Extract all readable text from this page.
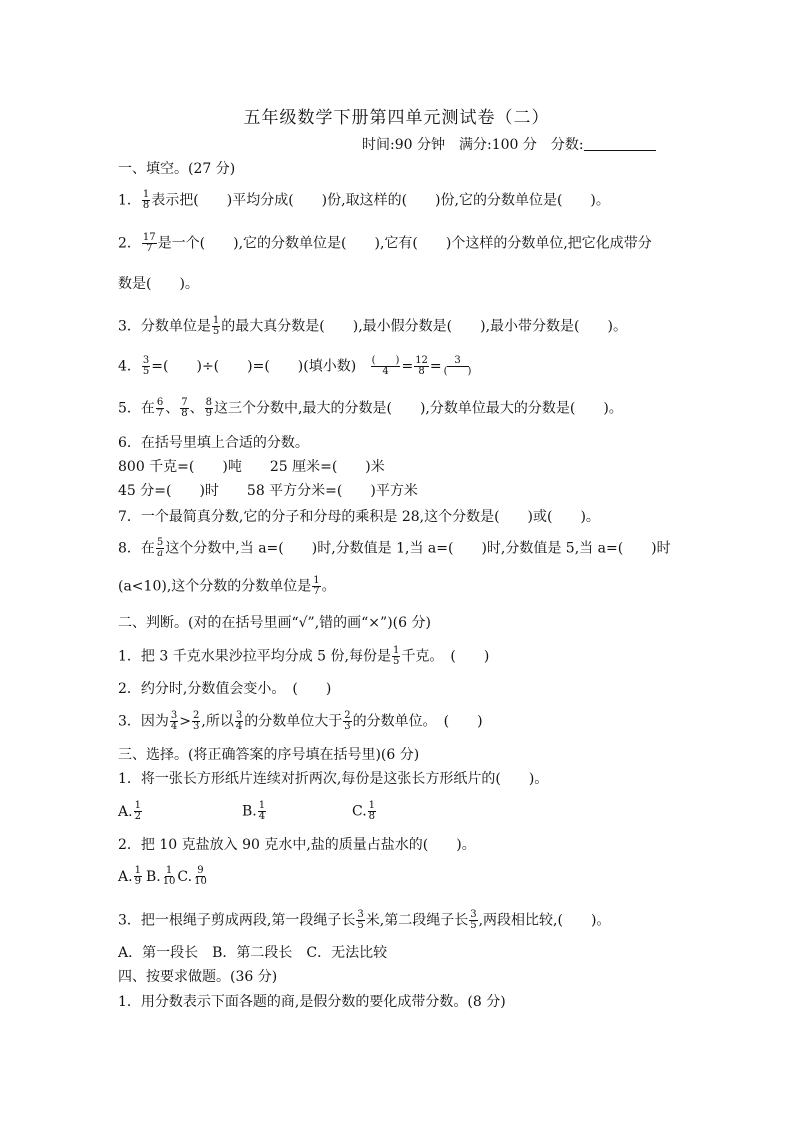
五年级数学下册第四单元测试卷（二）
时间:90 分钟　满分:100 分　分数:
一、填空。(27 分)
1． $\frac{1}{8}$ 表示把(　　)平均分成(　　)份,取这样的(　　)份,它的分数单位是(　　)。
2． $\frac{17}{7}$ 是一个(　　),它的分数单位是(　　),它有(　　)个这样的分数单位,把它化成带分
数是(　　)。
3．分数单位是 $\frac{1}{5}$ 的最大真分数是(　　),最小假分数是(　　),最小带分数是(　　)。
4． $\frac{3}{5}$ =(　　)÷(　　)=(　　)(填小数) $\frac{( )}{4} = \frac{12}{8} = \frac{3}{( )}$
5．在 $\frac{6}{7}$ 、 $\frac{7}{8}$ 、 $\frac{8}{9}$ 这三个分数中,最大的分数是(　　),分数单位最大的分数是(　　)。
6．在括号里填上合适的分数。
800 千克=(　　)吨　　25 厘米=(　　)米
45 分=(　　)时　　58 平方分米=(　　)平方米
7．一个最简真分数,它的分子和分母的乘积是 28,这个分数是(　　)或(　　)。
8．在 $\frac{5}{a}$ 这个分数中,当 a=(　　)时,分数值是 1,当 a=(　　)时,分数值是 5,当 a=(　　)时
(a<10),这个分数的分数单位是 $\frac{1}{7}$ 。
二、判断。(对的在括号里画“√”,错的画“×”)(6 分)
1．把 3 千克水果沙拉平均分成 5 份,每份是 $\frac{1}{5}$ 千克。　(　　)
2．约分时,分数值会变小。　(　　)
3．因为 $\frac{3}{4} > \frac{2}{3}$ ,所以 $\frac{3}{4}$ 的分数单位大于 $\frac{2}{3}$ 的分数单位。　(　　)
三、选择。(将正确答案的序号填在括号里)(6 分)
1．将一张长方形纸片连续对折两次,每份是这张长方形纸片的(　　)。
A. $\frac{1}{2}$	B. $\frac{1}{4}$	C. $\frac{1}{8}$
2．把 10 克盐放入 90 克水中,盐的质量占盐水的(　　)。
A. $\frac{1}{9} B$. $\frac{1}{10} C$. $\frac{9}{10}$
3．把一根绳子剪成两段,第一段绳子长 $\frac{3}{5}$ 米,第二段绳子长 $\frac{3}{5}$ ,两段相比较,(　　)。
A．第一段长　B．第二段长　C．无法比较
四、按要求做题。(36 分)
1．用分数表示下面各题的商,是假分数的要化成带分数。(8 分)
